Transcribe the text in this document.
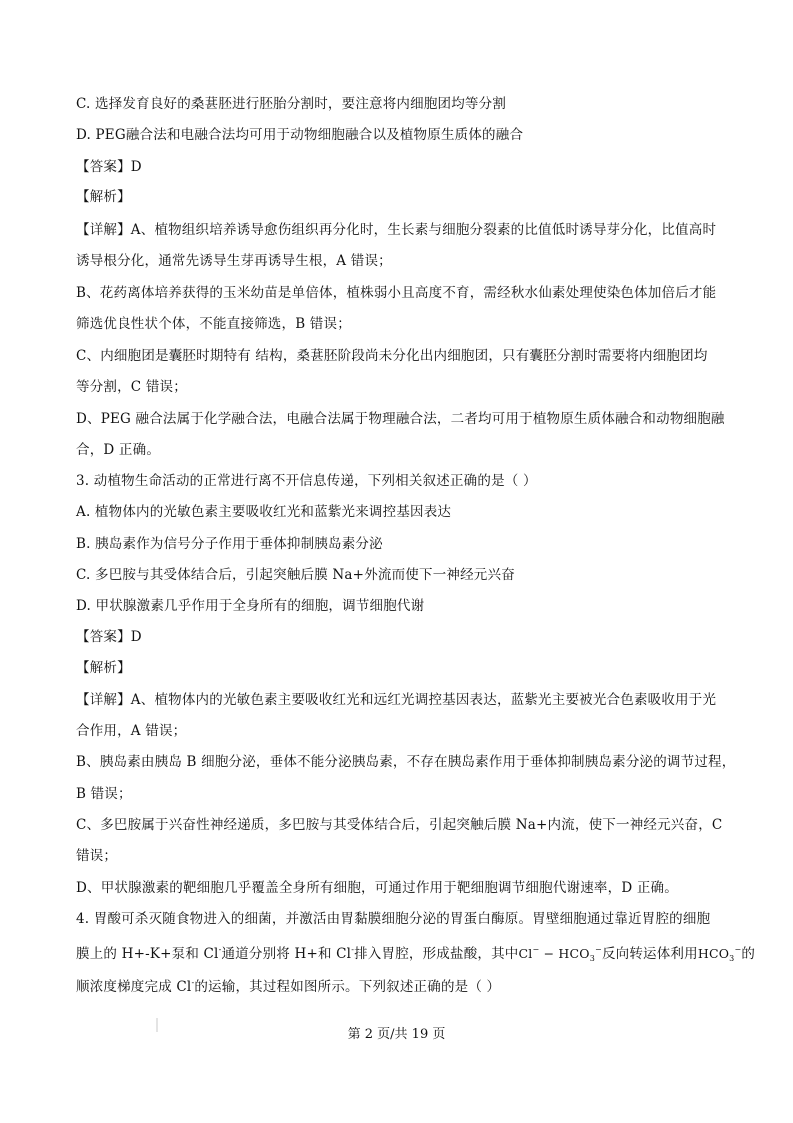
C. 选择发育良好的桑葚胚进行胚胎分割时，要注意将内细胞团均等分割
D. PEG融合法和电融合法均可用于动物细胞融合以及植物原生质体的融合
【答案】D
【解析】
【详解】A、植物组织培养诱导愈伤组织再分化时，生长素与细胞分裂素的比值低时诱导芽分化，比值高时
诱导根分化，通常先诱导生芽再诱导生根，A 错误；
B、花药离体培养获得的玉米幼苗是单倍体，植株弱小且高度不育，需经秋水仙素处理使染色体加倍后才能
筛选优良性状个体，不能直接筛选，B 错误；
C、内细胞团是囊胚时期特有 结构，桑葚胚阶段尚未分化出内细胞团，只有囊胚分割时需要将内细胞团均
等分割，C 错误；
D、PEG 融合法属于化学融合法，电融合法属于物理融合法，二者均可用于植物原生质体融合和动物细胞融
合，D 正确。
3. 动植物生命活动的正常进行离不开信息传递，下列相关叙述正确的是（ ）
A. 植物体内的光敏色素主要吸收红光和蓝紫光来调控基因表达
B. 胰岛素作为信号分子作用于垂体抑制胰岛素分泌
C. 多巴胺与其受体结合后，引起突触后膜 Na+外流而使下一神经元兴奋
D. 甲状腺激素几乎作用于全身所有的细胞，调节细胞代谢
【答案】D
【解析】
【详解】A、植物体内的光敏色素主要吸收红光和远红光调控基因表达，蓝紫光主要被光合色素吸收用于光
合作用，A 错误；
B、胰岛素由胰岛 B 细胞分泌，垂体不能分泌胰岛素，不存在胰岛素作用于垂体抑制胰岛素分泌的调节过程，
B 错误；
C、多巴胺属于兴奋性神经递质，多巴胺与其受体结合后，引起突触后膜 Na+内流，使下一神经元兴奋，C
错误；
D、甲状腺激素的靶细胞几乎覆盖全身所有细胞，可通过作用于靶细胞调节细胞代谢速率，D 正确。
4. 胃酸可杀灭随食物进入的细菌，并激活由胃黏膜细胞分泌的胃蛋白酶原。胃壁细胞通过靠近胃腔的细胞
膜上的 H+-K+泵和 Cl-通道分别将 H+和 Cl-排入胃腔，形成盐酸，其中$Cl^- - HCO_3^-$反向转运体利用$HCO_3^-$的
顺浓度梯度完成 Cl-的运输，其过程如图所示。下列叙述正确的是（ ）
第 2 页/共 19 页
